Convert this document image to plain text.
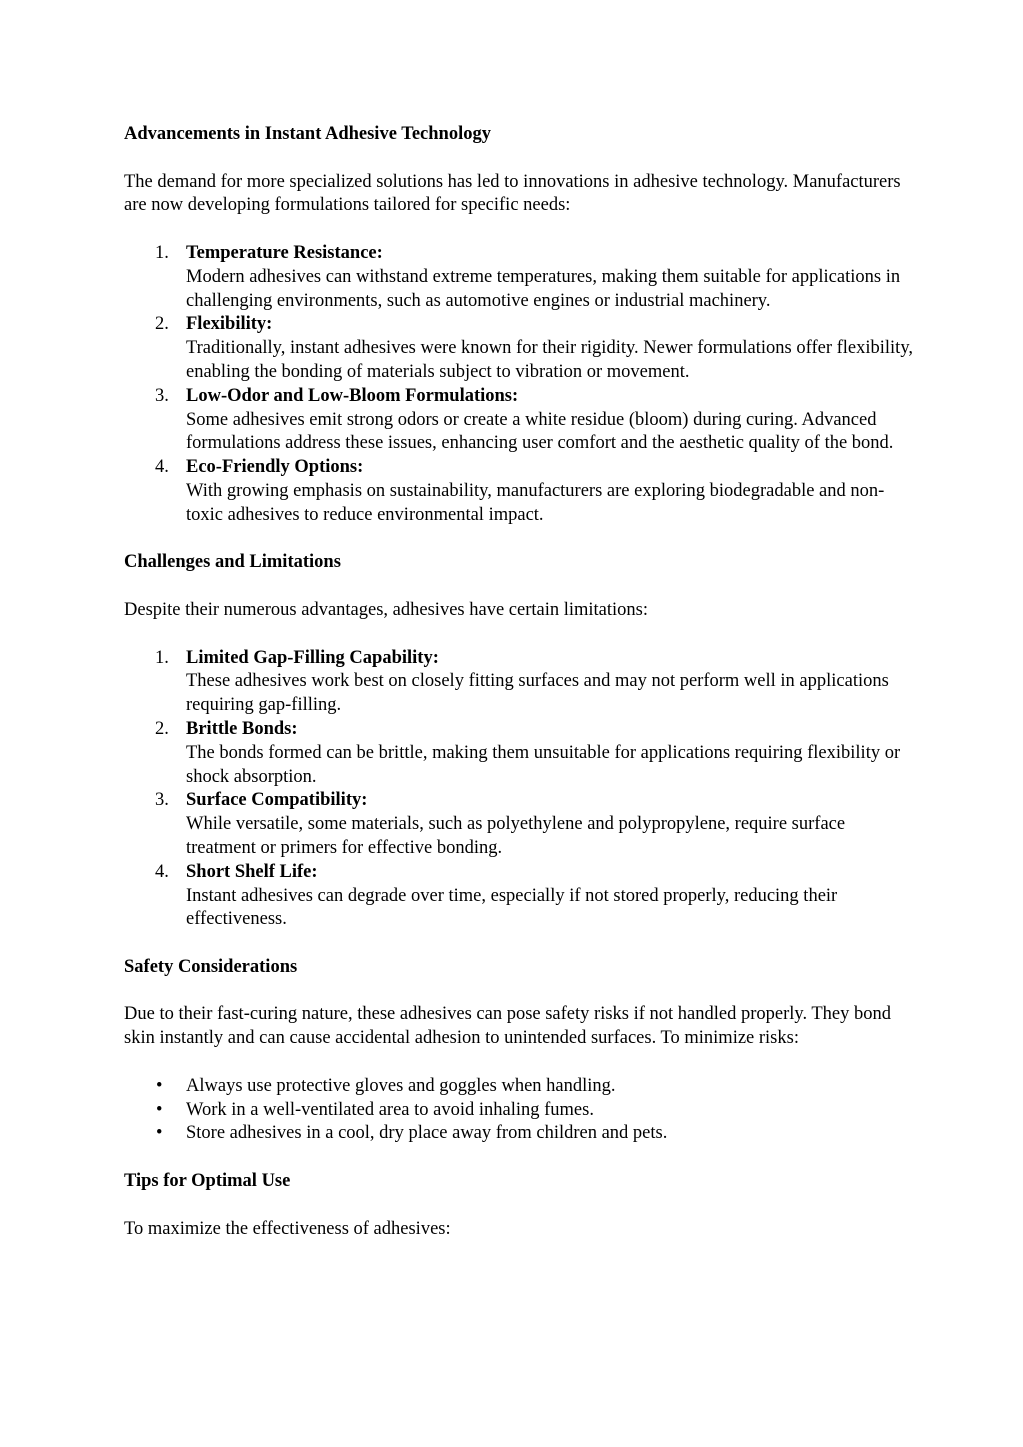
Advancements in Instant Adhesive Technology

The demand for more specialized solutions has led to innovations in adhesive technology. Manufacturers are now developing formulations tailored for specific needs:

1. Temperature Resistance:
Modern adhesives can withstand extreme temperatures, making them suitable for applications in challenging environments, such as automotive engines or industrial machinery.
2. Flexibility:
Traditionally, instant adhesives were known for their rigidity. Newer formulations offer flexibility, enabling the bonding of materials subject to vibration or movement.
3. Low-Odor and Low-Bloom Formulations:
Some adhesives emit strong odors or create a white residue (bloom) during curing. Advanced formulations address these issues, enhancing user comfort and the aesthetic quality of the bond.
4. Eco-Friendly Options:
With growing emphasis on sustainability, manufacturers are exploring biodegradable and non-toxic adhesives to reduce environmental impact.

Challenges and Limitations

Despite their numerous advantages, adhesives have certain limitations:

1. Limited Gap-Filling Capability:
These adhesives work best on closely fitting surfaces and may not perform well in applications requiring gap-filling.
2. Brittle Bonds:
The bonds formed can be brittle, making them unsuitable for applications requiring flexibility or shock absorption.
3. Surface Compatibility:
While versatile, some materials, such as polyethylene and polypropylene, require surface treatment or primers for effective bonding.
4. Short Shelf Life:
Instant adhesives can degrade over time, especially if not stored properly, reducing their effectiveness.

Safety Considerations

Due to their fast-curing nature, these adhesives can pose safety risks if not handled properly. They bond skin instantly and can cause accidental adhesion to unintended surfaces. To minimize risks:

• Always use protective gloves and goggles when handling.
• Work in a well-ventilated area to avoid inhaling fumes.
• Store adhesives in a cool, dry place away from children and pets.

Tips for Optimal Use

To maximize the effectiveness of adhesives:
